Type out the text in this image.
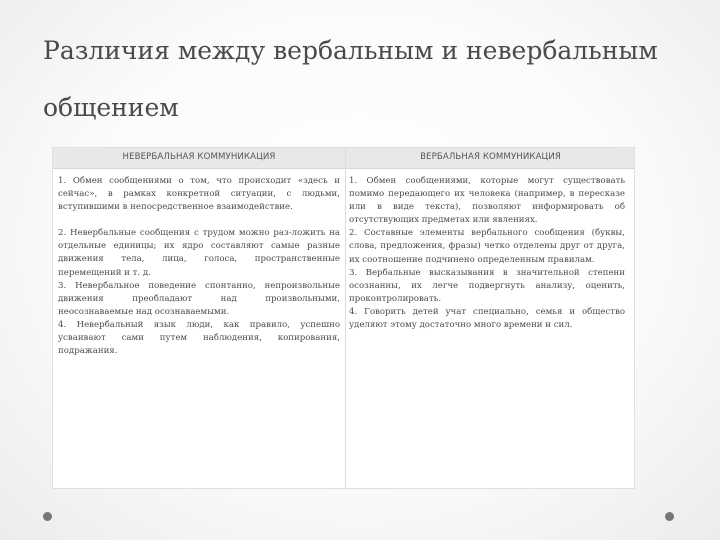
Различия между вербальным и невербальным
общением
НЕВЕРБАЛЬНАЯ КОММУНИКАЦИЯ	ВЕРБАЛЬНАЯ КОММУНИКАЦИЯ

1. Обмен сообщениями о том, что происходит «здесь и сейчас», в рамках конкретной ситуации, с людьми, вступившими в непосредственное взаимодействие.

2. Невербальные сообщения с трудом можно раз-ложить на отдельные единицы; их ядро составляют самые разные движения тела, лица, голоса, пространственные перемещений и т. д.

3. Невербальное поведение спонтанно, непроизвольные движения преобладают над произвольными, неосознаваемые над осознаваемыми.

4. Невербальный язык люди, как правило, успешно усваивают сами путем наблюдения, копирования, подражания.

1. Обмен сообщениями, которые могут существовать помимо передающего их человека (например, в пересказе или в виде текста), позволяют информировать об отсутствующих предметах или явлениях.

2. Составные элементы вербального сообщения (буквы, слова, предложения, фразы) четко отделены друг от друга, их соотношение подчинено определенным правилам.

3. Вербальные высказывания в значительной степени осознанны, их легче подвергнуть анализу, оценить, проконтролировать.

4. Говорить детей учат специально, семья и общество уделяют этому достаточно много времени и сил.
